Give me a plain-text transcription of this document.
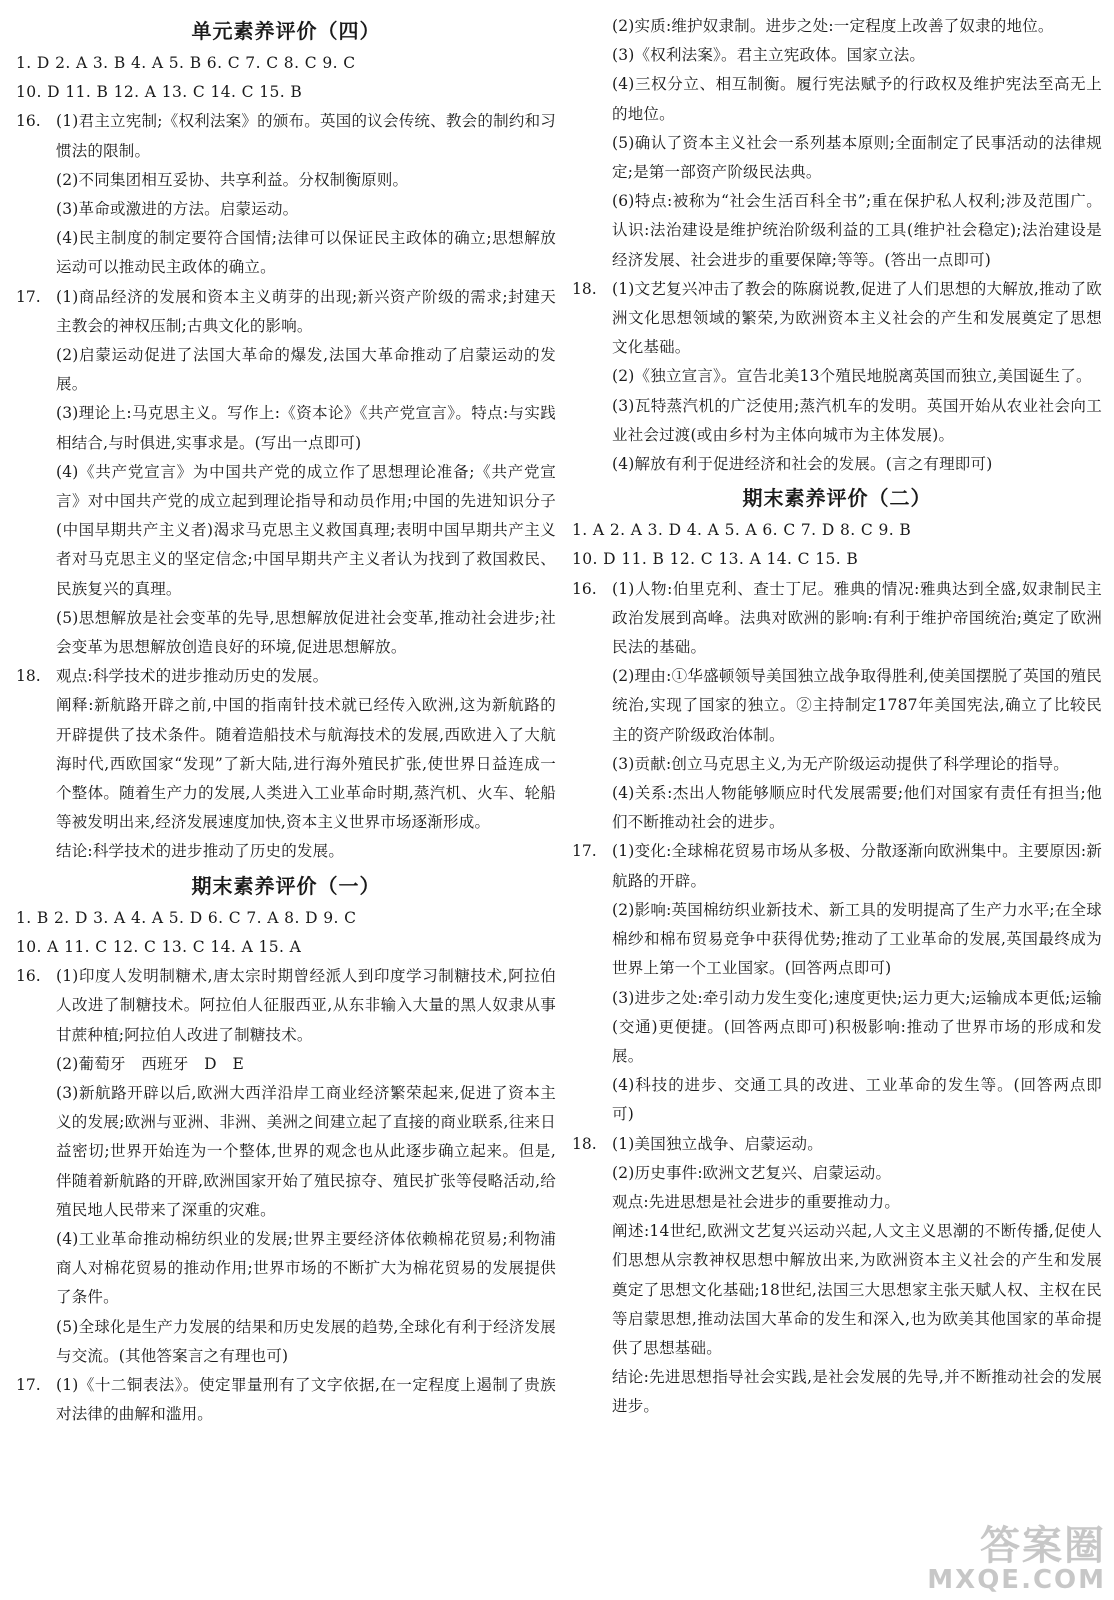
单元素养评价（四）
1. D 2. A 3. B 4. A 5. B 6. C 7. C 8. C 9. C
10. D 11. B 12. A 13. C 14. C 15. B
16. (1)君主立宪制;《权利法案》的颁布。英国的议会传统、教会的制约和习惯法的限制。
(2)不同集团相互妥协、共享利益。分权制衡原则。
(3)革命或激进的方法。启蒙运动。
(4)民主制度的制定要符合国情;法律可以保证民主政体的确立;思想解放运动可以推动民主政体的确立。
17. (1)商品经济的发展和资本主义萌芽的出现;新兴资产阶级的需求;封建天主教会的神权压制;古典文化的影响。
(2)启蒙运动促进了法国大革命的爆发,法国大革命推动了启蒙运动的发展。
(3)理论上:马克思主义。写作上:《资本论》《共产党宣言》。特点:与实践相结合,与时俱进,实事求是。(写出一点即可)
(4)《共产党宣言》为中国共产党的成立作了思想理论准备;《共产党宣言》对中国共产党的成立起到理论指导和动员作用;中国的先进知识分子(中国早期共产主义者)渴求马克思主义救国真理;表明中国早期共产主义者对马克思主义的坚定信念;中国早期共产主义者认为找到了救国救民、民族复兴的真理。
(5)思想解放是社会变革的先导,思想解放促进社会变革,推动社会进步;社会变革为思想解放创造良好的环境,促进思想解放。
18. 观点:科学技术的进步推动历史的发展。
阐释:新航路开辟之前,中国的指南针技术就已经传入欧洲,这为新航路的开辟提供了技术条件。随着造船技术与航海技术的发展,西欧进入了大航海时代,西欧国家“发现”了新大陆,进行海外殖民扩张,使世界日益连成一个整体。随着生产力的发展,人类进入工业革命时期,蒸汽机、火车、轮船等被发明出来,经济发展速度加快,资本主义世界市场逐渐形成。
结论:科学技术的进步推动了历史的发展。
期末素养评价（一）
1. B 2. D 3. A 4. A 5. D 6. C 7. A 8. D 9. C
10. A 11. C 12. C 13. C 14. A 15. A
16. (1)印度人发明制糖术,唐太宗时期曾经派人到印度学习制糖技术,阿拉伯人改进了制糖技术。阿拉伯人征服西亚,从东非输入大量的黑人奴隶从事甘蔗种植;阿拉伯人改进了制糖技术。
(2)葡萄牙　西班牙　D　E
(3)新航路开辟以后,欧洲大西洋沿岸工商业经济繁荣起来,促进了资本主义的发展;欧洲与亚洲、非洲、美洲之间建立起了直接的商业联系,往来日益密切;世界开始连为一个整体,世界的观念也从此逐步确立起来。但是,伴随着新航路的开辟,欧洲国家开始了殖民掠夺、殖民扩张等侵略活动,给殖民地人民带来了深重的灾难。
(4)工业革命推动棉纺织业的发展;世界主要经济体依赖棉花贸易;利物浦商人对棉花贸易的推动作用;世界市场的不断扩大为棉花贸易的发展提供了条件。
(5)全球化是生产力发展的结果和历史发展的趋势,全球化有利于经济发展与交流。(其他答案言之有理也可)
17. (1)《十二铜表法》。使定罪量刑有了文字依据,在一定程度上遏制了贵族对法律的曲解和滥用。
(2)实质:维护奴隶制。进步之处:一定程度上改善了奴隶的地位。
(3)《权利法案》。君主立宪政体。国家立法。
(4)三权分立、相互制衡。履行宪法赋予的行政权及维护宪法至高无上的地位。
(5)确认了资本主义社会一系列基本原则;全面制定了民事活动的法律规定;是第一部资产阶级民法典。
(6)特点:被称为“社会生活百科全书”;重在保护私人权利;涉及范围广。认识:法治建设是维护统治阶级利益的工具(维护社会稳定);法治建设是经济发展、社会进步的重要保障;等等。(答出一点即可)
18. (1)文艺复兴冲击了教会的陈腐说教,促进了人们思想的大解放,推动了欧洲文化思想领域的繁荣,为欧洲资本主义社会的产生和发展奠定了思想文化基础。
(2)《独立宣言》。宣告北美13个殖民地脱离英国而独立,美国诞生了。
(3)瓦特蒸汽机的广泛使用;蒸汽机车的发明。英国开始从农业社会向工业社会过渡(或由乡村为主体向城市为主体发展)。
(4)解放有利于促进经济和社会的发展。(言之有理即可)
期末素养评价（二）
1. A 2. A 3. D 4. A 5. A 6. C 7. D 8. C 9. B
10. D 11. B 12. C 13. A 14. C 15. B
16. (1)人物:伯里克利、查士丁尼。雅典的情况:雅典达到全盛,奴隶制民主政治发展到高峰。法典对欧洲的影响:有利于维护帝国统治;奠定了欧洲民法的基础。
(2)理由:①华盛顿领导美国独立战争取得胜利,使美国摆脱了英国的殖民统治,实现了国家的独立。②主持制定1787年美国宪法,确立了比较民主的资产阶级政治体制。
(3)贡献:创立马克思主义,为无产阶级运动提供了科学理论的指导。
(4)关系:杰出人物能够顺应时代发展需要;他们对国家有责任有担当;他们不断推动社会的进步。
17. (1)变化:全球棉花贸易市场从多极、分散逐渐向欧洲集中。主要原因:新航路的开辟。
(2)影响:英国棉纺织业新技术、新工具的发明提高了生产力水平;在全球棉纱和棉布贸易竞争中获得优势;推动了工业革命的发展,英国最终成为世界上第一个工业国家。(回答两点即可)
(3)进步之处:牵引动力发生变化;速度更快;运力更大;运输成本更低;运输(交通)更便捷。(回答两点即可)积极影响:推动了世界市场的形成和发展。
(4)科技的进步、交通工具的改进、工业革命的发生等。(回答两点即可)
18. (1)美国独立战争、启蒙运动。
(2)历史事件:欧洲文艺复兴、启蒙运动。
观点:先进思想是社会进步的重要推动力。
阐述:14世纪,欧洲文艺复兴运动兴起,人文主义思潮的不断传播,促使人们思想从宗教神权思想中解放出来,为欧洲资本主义社会的产生和发展奠定了思想文化基础;18世纪,法国三大思想家主张天赋人权、主权在民等启蒙思想,推动法国大革命的发生和深入,也为欧美其他国家的革命提供了思想基础。
结论:先进思想指导社会实践,是社会发展的先导,并不断推动社会的发展进步。
答案圈
MXQE.COM
